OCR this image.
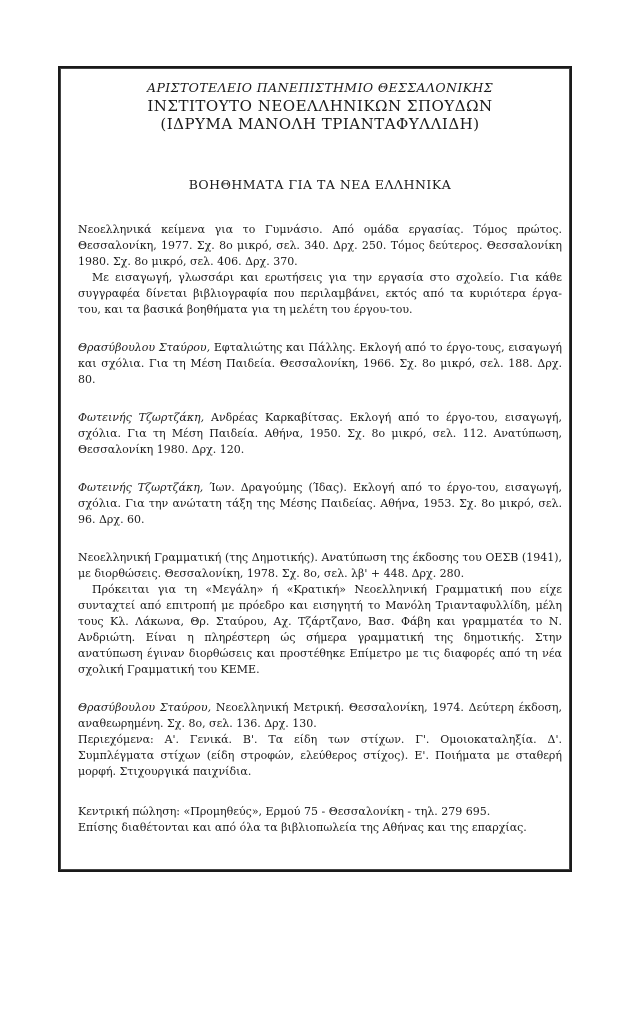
ΑΡΙΣΤΟΤΕΛΕΙΟ ΠΑΝΕΠΙΣΤΗΜΙΟ ΘΕΣΣΑΛΟΝΙΚΗΣ
ΙΝΣΤΙΤΟΥΤΟ ΝΕΟΕΛΛΗΝΙΚΩΝ ΣΠΟΥΔΩΝ
(ΙΔΡΥΜΑ ΜΑΝΟΛΗ ΤΡΙΑΝΤΑΦΥΛΛΙΔΗ)
ΒΟΗΘΗΜΑΤΑ ΓΙΑ ΤΑ ΝΕΑ ΕΛΛΗΝΙΚΑ

Νεοελληνικά κείμενα για το Γυμνάσιο. Από ομάδα εργασίας. Τόμος πρώτος. Θεσσαλονίκη, 1977. Σχ. 8ο μικρό, σελ. 340. Δρχ. 250. Τόμος δεύτερος. Θεσσαλονίκη 1980. Σχ. 8ο μικρό, σελ. 406. Δρχ. 370.

Με εισαγωγή, γλωσσάρι και ερωτήσεις για την εργασία στο σχολείο. Για κάθε συγγραφέα δίνεται βιβλιογραφία που περιλαμβάνει, εκτός από τα κυριότερα έργα-του, και τα βασικά βοηθήματα για τη μελέτη του έργου-του.

Θρασύβουλου Σταύρου, Εφταλιώτης και Πάλλης. Εκλογή από το έργο-τους, εισαγωγή και σχόλια. Για τη Μέση Παιδεία. Θεσσαλονίκη, 1966. Σχ. 8ο μικρό, σελ. 188. Δρχ. 80.

Φωτεινής Τζωρτζάκη, Ανδρέας Καρκαβίτσας. Εκλογή από το έργο-του, εισαγωγή, σχόλια. Για τη Μέση Παιδεία. Αθήνα, 1950. Σχ. 8ο μικρό, σελ. 112. Ανατύπωση, Θεσσαλονίκη 1980. Δρχ. 120.

Φωτεινής Τζωρτζάκη, Ίων. Δραγούμης (Ίδας). Εκλογή από το έργο-του, εισαγωγή, σχόλια. Για την ανώτατη τάξη της Μέσης Παιδείας. Αθήνα, 1953. Σχ. 8ο μικρό, σελ. 96. Δρχ. 60.

Νεοελληνική Γραμματική (της Δημοτικής). Ανατύπωση της έκδοσης του ΟΕΣΒ (1941), με διορθώσεις. Θεσσαλονίκη, 1978. Σχ. 8ο, σελ. λβ' + 448. Δρχ. 280.

Πρόκειται για τη «Μεγάλη» ή «Κρατική» Νεοελληνική Γραμματική που είχε συνταχτεί από επιτροπή με πρόεδρο και εισηγητή το Μανόλη Τριανταφυλλίδη, μέλη τους Κλ. Λάκωνα, Θρ. Σταύρου, Αχ. Τζάρτζανο, Βασ. Φάβη και γραμματέα το Ν. Ανδριώτη. Είναι η πληρέστερη ώς σήμερα γραμματική της δημοτικής. Στην ανατύπωση έγιναν διορθώσεις και προστέθηκε Επίμετρο με τις διαφορές από τη νέα σχολική Γραμματική του ΚΕΜΕ.

Θρασύβουλου Σταύρου, Νεοελληνική Μετρική. Θεσσαλονίκη, 1974. Δεύτερη έκδοση, αναθεωρημένη. Σχ. 8ο, σελ. 136. Δρχ. 130.

Περιεχόμενα: Α'. Γενικά. Β'. Τα είδη των στίχων. Γ'. Ομοιοκαταληξία. Δ'. Συμπλέγματα στίχων (είδη στροφών, ελεύθερος στίχος). Ε'. Ποιήματα με σταθερή μορφή. Στιχουργικά παιχνίδια.

Κεντρική πώληση: «Προμηθεύς», Ερμού 75 - Θεσσαλονίκη - τηλ. 279 695.

Επίσης διαθέτονται και από όλα τα βιβλιοπωλεία της Αθήνας και της επαρχίας.
